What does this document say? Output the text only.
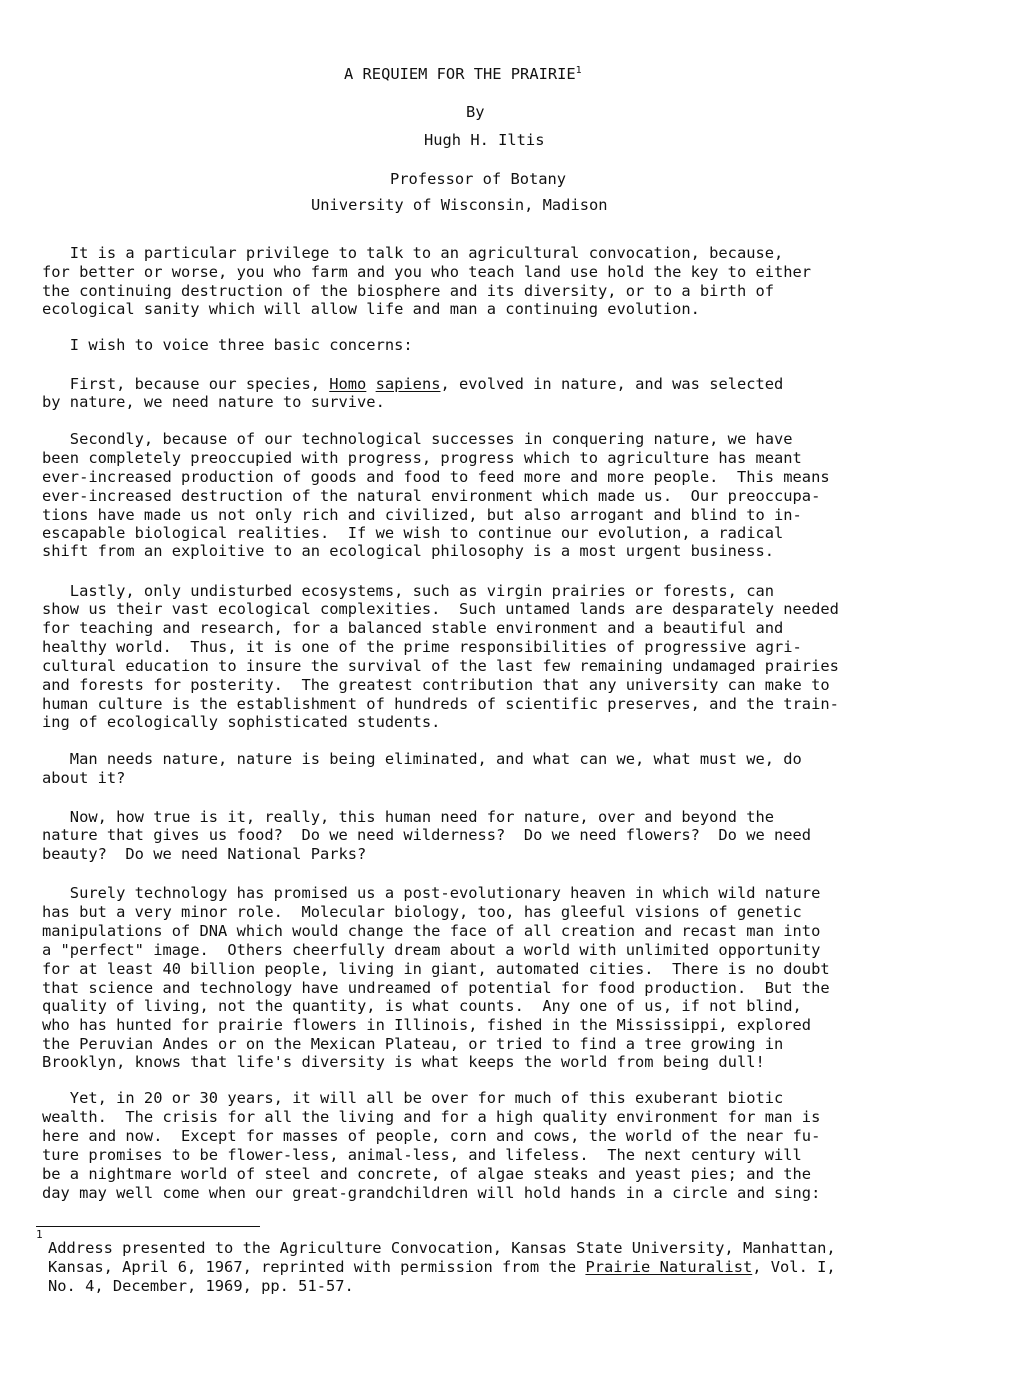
A REQUIEM FOR THE PRAIRIE$^1$
By
Hugh H. Iltis
Professor of Botany
University of Wisconsin, Madison
It is a particular privilege to talk to an agricultural convocation, because,
for better or worse, you who farm and you who teach land use hold the key to either
the continuing destruction of the biosphere and its diversity, or to a birth of
ecological sanity which will allow life and man a continuing evolution.
I wish to voice three basic concerns:
First, because our species, Homo sapiens, evolved in nature, and was selected
by nature, we need nature to survive.
Secondly, because of our technological successes in conquering nature, we have
been completely preoccupied with progress, progress which to agriculture has meant
ever-increased production of goods and food to feed more and more people.  This means
ever-increased destruction of the natural environment which made us.  Our preoccupa-
tions have made us not only rich and civilized, but also arrogant and blind to in-
escapable biological realities.  If we wish to continue our evolution, a radical
shift from an exploitive to an ecological philosophy is a most urgent business.
Lastly, only undisturbed ecosystems, such as virgin prairies or forests, can
show us their vast ecological complexities.  Such untamed lands are desparately needed
for teaching and research, for a balanced stable environment and a beautiful and
healthy world.  Thus, it is one of the prime responsibilities of progressive agri-
cultural education to insure the survival of the last few remaining undamaged prairies
and forests for posterity.  The greatest contribution that any university can make to
human culture is the establishment of hundreds of scientific preserves, and the train-
ing of ecologically sophisticated students.
Man needs nature, nature is being eliminated, and what can we, what must we, do
about it?
Now, how true is it, really, this human need for nature, over and beyond the
nature that gives us food?  Do we need wilderness?  Do we need flowers?  Do we need
beauty?  Do we need National Parks?
Surely technology has promised us a post-evolutionary heaven in which wild nature
has but a very minor role.  Molecular biology, too, has gleeful visions of genetic
manipulations of DNA which would change the face of all creation and recast man into
a "perfect" image.  Others cheerfully dream about a world with unlimited opportunity
for at least 40 billion people, living in giant, automated cities.  There is no doubt
that science and technology have undreamed of potential for food production.  But the
quality of living, not the quantity, is what counts.  Any one of us, if not blind,
who has hunted for prairie flowers in Illinois, fished in the Mississippi, explored
the Peruvian Andes or on the Mexican Plateau, or tried to find a tree growing in
Brooklyn, knows that life's diversity is what keeps the world from being dull!
Yet, in 20 or 30 years, it will all be over for much of this exuberant biotic
wealth.  The crisis for all the living and for a high quality environment for man is
here and now.  Except for masses of people, corn and cows, the world of the near fu-
ture promises to be flower-less, animal-less, and lifeless.  The next century will
be a nightmare world of steel and concrete, of algae steaks and yeast pies; and the
day may well come when our great-grandchildren will hold hands in a circle and sing:
1
Address presented to the Agriculture Convocation, Kansas State University, Manhattan,
Kansas, April 6, 1967, reprinted with permission from the Prairie Naturalist, Vol. I,
No. 4, December, 1969, pp. 51-57.
